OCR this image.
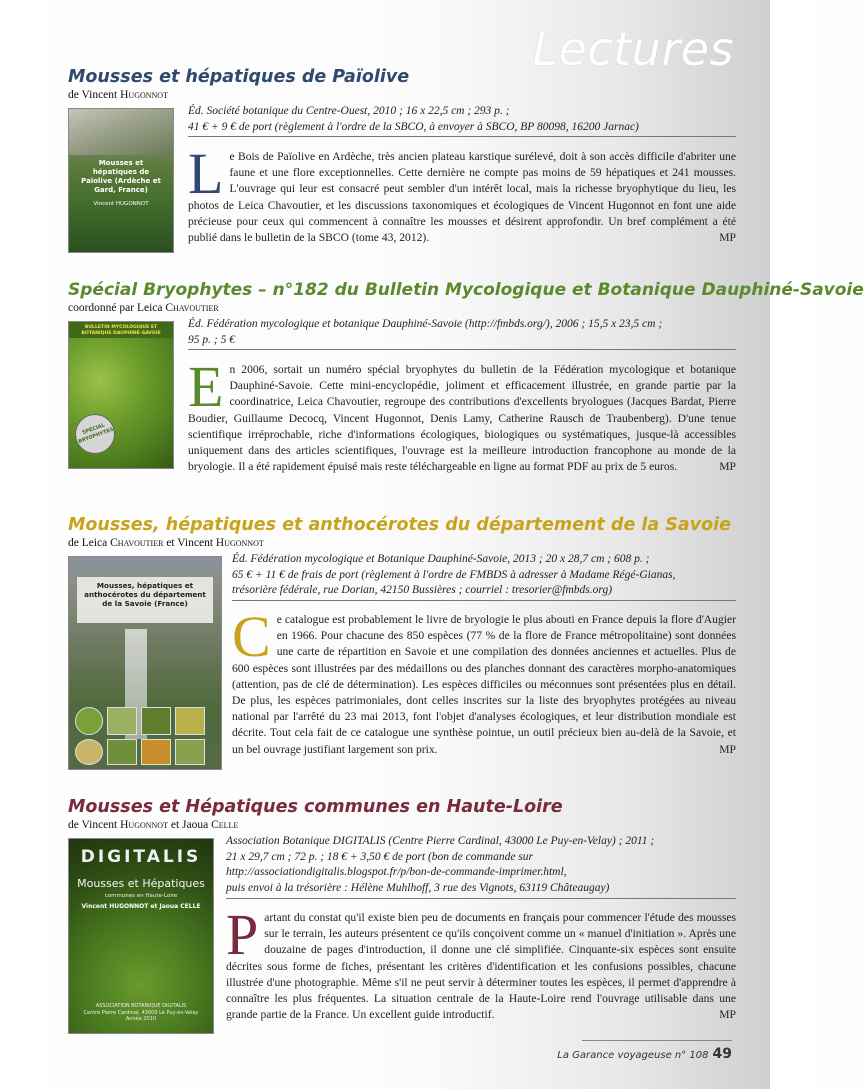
Lectures
Mousses et hépatiques de Païolive
de Vincent Hugonnot
Mousses et hépatiques de Païolive (Ardèche et Gard, France)
Vincent HUGONNOT
Éd. Société botanique du Centre-Ouest, 2010 ; 16 x 22,5 cm ; 293 p. ;
41 € + 9 € de port (règlement à l'ordre de la SBCO, à envoyer à SBCO, BP 80098, 16200 Jarnac)
Le Bois de Païolive en Ardèche, très ancien plateau karstique surélevé, doit à son accès difficile d'abriter une faune et une flore exceptionnelles. Cette dernière ne compte pas moins de 59 hépatiques et 241 mousses. L'ouvrage qui leur est consacré peut sembler d'un intérêt local, mais la richesse bryophytique du lieu, les photos de Leica Chavoutier, et les discussions taxonomiques et écologiques de Vincent Hugonnot en font une aide précieuse pour ceux qui commencent à connaître les mousses et désirent approfondir. Un bref complément a été publié dans le bulletin de la SBCO (tome 43, 2012).	MP
Spécial Bryophytes – n°182 du Bulletin Mycologique et Botanique Dauphiné-Savoie
coordonné par Leica Chavoutier
BULLETIN MYCOLOGIQUE ET BOTANIQUE DAUPHINÉ-SAVOIE
SPÉCIAL BRYOPHYTES
Éd. Fédération mycologique et botanique Dauphiné-Savoie (http://fmbds.org/), 2006 ; 15,5 x 23,5 cm ;
95 p. ; 5 €
En 2006, sortait un numéro spécial bryophytes du bulletin de la Fédération mycologique et botanique Dauphiné-Savoie. Cette mini-encyclopédie, joliment et efficacement illustrée, en grande partie par la coordinatrice, Leica Chavoutier, regroupe des contributions d'excellents bryologues (Jacques Bardat, Pierre Boudier, Guillaume Decocq, Vincent Hugonnot, Denis Lamy, Catherine Rausch de Traubenberg). D'une tenue scientifique irréprochable, riche d'informations écologiques, biologiques ou systématiques, jusque-là accessibles uniquement dans des articles scientifiques, l'ouvrage est la meilleure introduction francophone au monde de la bryologie. Il a été rapidement épuisé mais reste téléchargeable en ligne au format PDF au prix de 5 euros.	MP
Mousses, hépatiques et anthocérotes du département de la Savoie
de Leica Chavoutier et Vincent Hugonnot
Mousses, hépatiques et anthocérotes du département de la Savoie (France)
Éd. Fédération mycologique et Botanique Dauphiné-Savoie, 2013 ; 20 x 28,7 cm ; 608 p. ;
65 € + 11 € de frais de port (règlement à l'ordre de FMBDS à adresser à Madame Régé-Gianas,
trésorière fédérale, rue Dorian, 42150 Bussières ; courriel : tresorier@fmbds.org)
Ce catalogue est probablement le livre de bryologie le plus abouti en France depuis la flore d'Augier en 1966. Pour chacune des 850 espèces (77 % de la flore de France métropolitaine) sont données une carte de répartition en Savoie et une compilation des données anciennes et actuelles. Plus de 600 espèces sont illustrées par des médaillons ou des planches donnant des caractères morpho-anatomiques (attention, pas de clé de détermination). Les espèces difficiles ou méconnues sont présentées plus en détail. De plus, les espèces patrimoniales, dont celles inscrites sur la liste des bryophytes protégées au niveau national par l'arrêté du 23 mai 2013, font l'objet d'analyses écologiques, et leur distribution mondiale est décrite. Tout cela fait de ce catalogue une synthèse pointue, un outil précieux bien au-delà de la Savoie, et un bel ouvrage justifiant largement son prix.	MP
Mousses et Hépatiques communes en Haute-Loire
de Vincent Hugonnot et Jaoua Celle
DIGITALIS
Mousses et Hépatiques
communes en Haute-Loire
Vincent HUGONNOT et Jaoua CELLE
ASSOCIATION BOTANIQUE DIGITALIS
Centre Pierre Cardinal, 43000 Le Puy-en-Velay
Année 2010
Association Botanique DIGITALIS (Centre Pierre Cardinal, 43000 Le Puy-en-Velay) ; 2011 ;
21 x 29,7 cm ; 72 p. ; 18 € + 3,50 € de port (bon de commande sur
http://associationdigitalis.blogspot.fr/p/bon-de-commande-imprimer.html,
puis envoi à la trésorière : Hélène Muhlhoff, 3 rue des Vignots, 63119 Châteaugay)
Partant du constat qu'il existe bien peu de documents en français pour commencer l'étude des mousses sur le terrain, les auteurs présentent ce qu'ils conçoivent comme un « manuel d'initiation ». Après une douzaine de pages d'introduction, il donne une clé simplifiée. Cinquante-six espèces sont ensuite décrites sous forme de fiches, présentant les critères d'identification et les confusions possibles, chacune illustrée d'une photographie. Même s'il ne peut servir à déterminer toutes les espèces, il permet d'apprendre à connaître les plus fréquentes. La situation centrale de la Haute-Loire rend l'ouvrage utilisable dans une grande partie de la France. Un excellent guide introductif.	MP
La Garance voyageuse n° 108 49
